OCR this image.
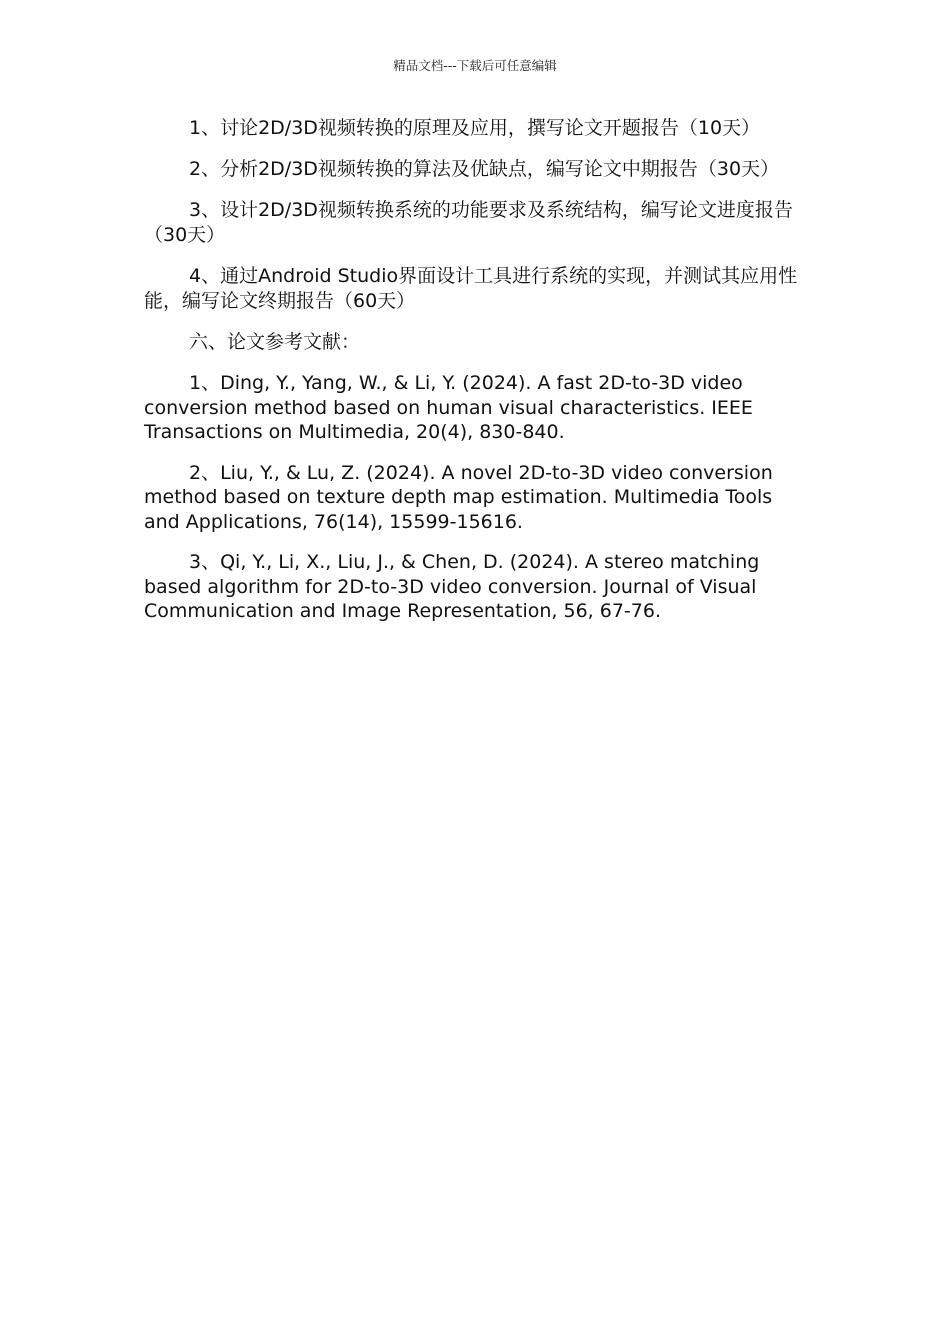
精品文档---下载后可任意编辑

1、讨论2D/3D视频转换的原理及应用，撰写论文开题报告（10天）

2、分析2D/3D视频转换的算法及优缺点，编写论文中期报告（30天）

3、设计2D/3D视频转换系统的功能要求及系统结构，编写论文进度报告（30天）

4、通过Android Studio界面设计工具进行系统的实现，并测试其应用性能，编写论文终期报告（60天）

六、论文参考文献：

1、Ding, Y., Yang, W., & Li, Y. (2024). A fast 2D-to-3D video conversion method based on human visual characteristics. IEEE Transactions on Multimedia, 20(4), 830-840.

2、Liu, Y., & Lu, Z. (2024). A novel 2D-to-3D video conversion method based on texture depth map estimation. Multimedia Tools and Applications, 76(14), 15599-15616.

3、Qi, Y., Li, X., Liu, J., & Chen, D. (2024). A stereo matching based algorithm for 2D-to-3D video conversion. Journal of Visual Communication and Image Representation, 56, 67-76.
